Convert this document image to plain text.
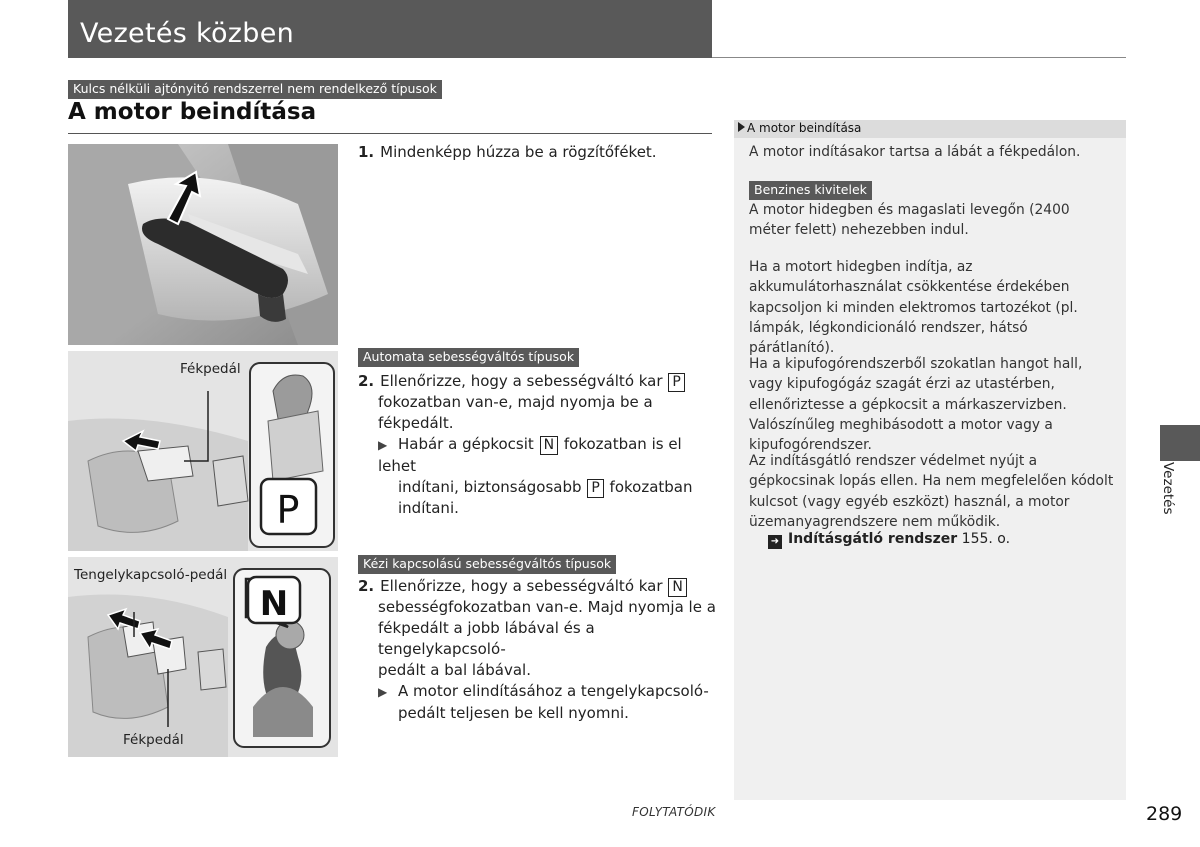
Vezetés közben
Kulcs nélküli ajtónyitó rendszerrel nem rendelkező típusok
A motor beindítása
P
Fékpedál
N
Tengelykapcsoló-pedál
Fékpedál
1. Mindenképp húzza be a rögzítőféket.
Automata sebességváltós típusok
2. Ellenőrizze, hogy a sebességváltó kar P
fokozatban van-e, majd nyomja be a fékpedált.
▶ Habár a gépkocsit N fokozatban is el lehet
indítani, biztonságosabb P fokozatban
indítani.
Kézi kapcsolású sebességváltós típusok
2. Ellenőrizze, hogy a sebességváltó kar N
sebességfokozatban van-e. Majd nyomja le a
fékpedált a jobb lábával és a tengelykapcsoló-
pedált a bal lábával.
▶ A motor elindításához a tengelykapcsoló-
pedált teljesen be kell nyomni.
A motor beindítása
A motor indításakor tartsa a lábát a fékpedálon.
Benzines kivitelek
A motor hidegben és magaslati levegőn (2400 méter felett) nehezebben indul.
Ha a motort hidegben indítja, az akkumulátorhasználat csökkentése érdekében kapcsoljon ki minden elektromos tartozékot (pl. lámpák, légkondicionáló rendszer, hátsó párátlanító).
Ha a kipufogórendszerből szokatlan hangot hall, vagy kipufogógáz szagát érzi az utastérben, ellenőriztesse a gépkocsit a márkaszervizben. Valószínűleg meghibásodott a motor vagy a kipufogórendszer.
Az indításgátló rendszer védelmet nyújt a gépkocsinak lopás ellen. Ha nem megfelelően kódolt kulcsot (vagy egyéb eszközt) használ, a motor üzemanyagrendszere nem működik.
➜ Indításgátló rendszer 155. o.
Vezetés
FOLYTATÓDIK	289
